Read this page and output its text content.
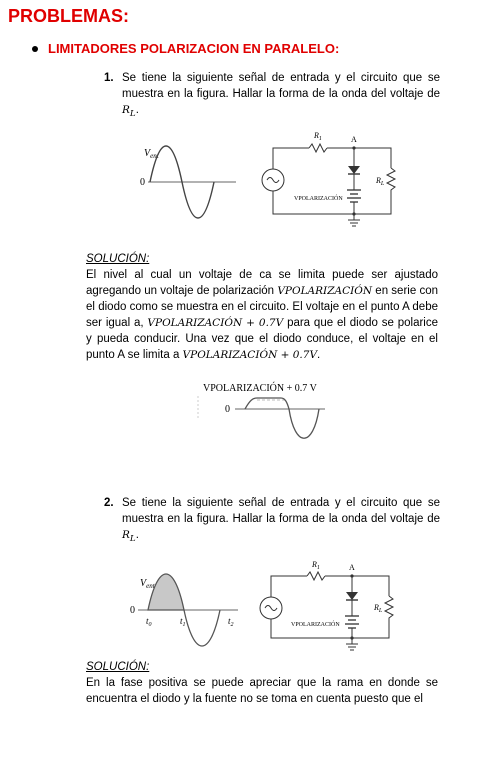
PROBLEMAS:
LIMITADORES POLARIZACION EN PARALELO:
1. Se tiene la siguiente señal de entrada y el circuito que se muestra en la figura. Hallar la forma de la onda del voltaje de $R_L$.
$V_{ent}$
0
$R_1$	A
VPOLARIZACIÓN
$R_L$
SOLUCIÓN:
El nivel al cual un voltaje de ca se limita puede ser ajustado agregando un voltaje de polarización VPOLARIZACIÓN en serie con el diodo como se muestra en el circuito. El voltaje en el punto A debe ser igual a, VPOLARIZACIÓN + 0.7V para que el diodo se polarice y pueda conducir. Una vez que el diodo conduce, el voltaje en el punto A se limita a VPOLARIZACIÓN + 0.7V.
VPOLARIZACIÓN + 0.7 V
0
2. Se tiene la siguiente señal de entrada y el circuito que se muestra en la figura. Hallar la forma de la onda del voltaje de $R_L$.
$V_{ent}$
0
$t_0$	$t_1$	$t_2$
$R_1$	A
VPOLARIZACIÓN
$R_L$
SOLUCIÓN:
En la fase positiva se puede apreciar que la rama en donde se encuentra el diodo y la fuente no se toma en cuenta puesto que el
